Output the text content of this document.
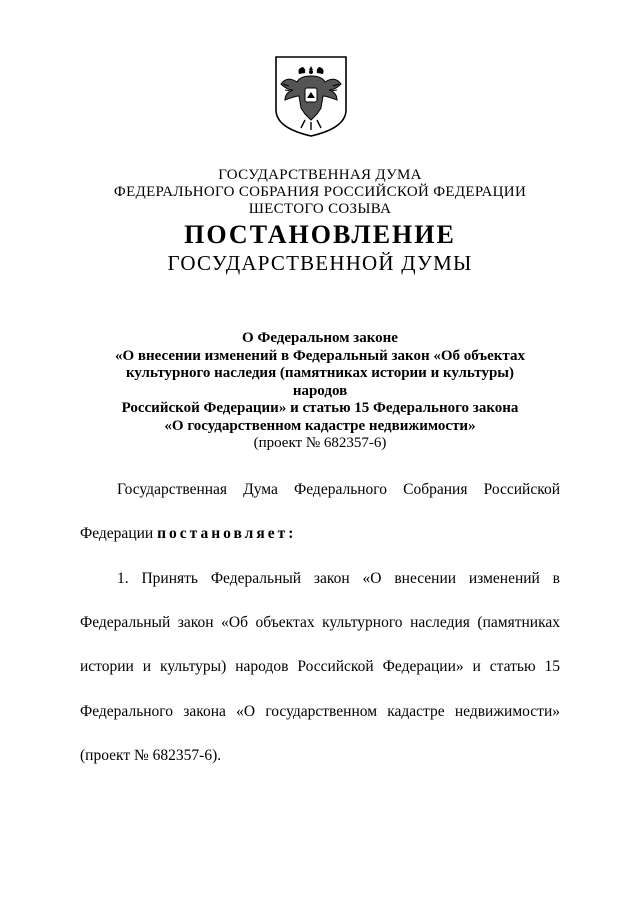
ГОСУДАРСТВЕННАЯ ДУМА
ФЕДЕРАЛЬНОГО СОБРАНИЯ РОССИЙСКОЙ ФЕДЕРАЦИИ
ШЕСТОГО СОЗЫВА
ПОСТАНОВЛЕНИЕ
ГОСУДАРСТВЕННОЙ ДУМЫ
О Федеральном законе
«О внесении изменений в Федеральный закон «Об объектах
культурного наследия (памятниках истории и культуры) народов
Российской Федерации» и статью 15 Федерального закона
«О государственном кадастре недвижимости»
(проект № 682357-6)
Государственная Дума Федерального Собрания Российской
Федерации постановляет:
1. Принять Федеральный закон «О внесении изменений в
Федеральный закон «Об объектах культурного наследия (памятниках
истории и культуры) народов Российской Федерации» и статью 15
Федерального закона «О государственном кадастре недвижимости»
(проект № 682357-6).
